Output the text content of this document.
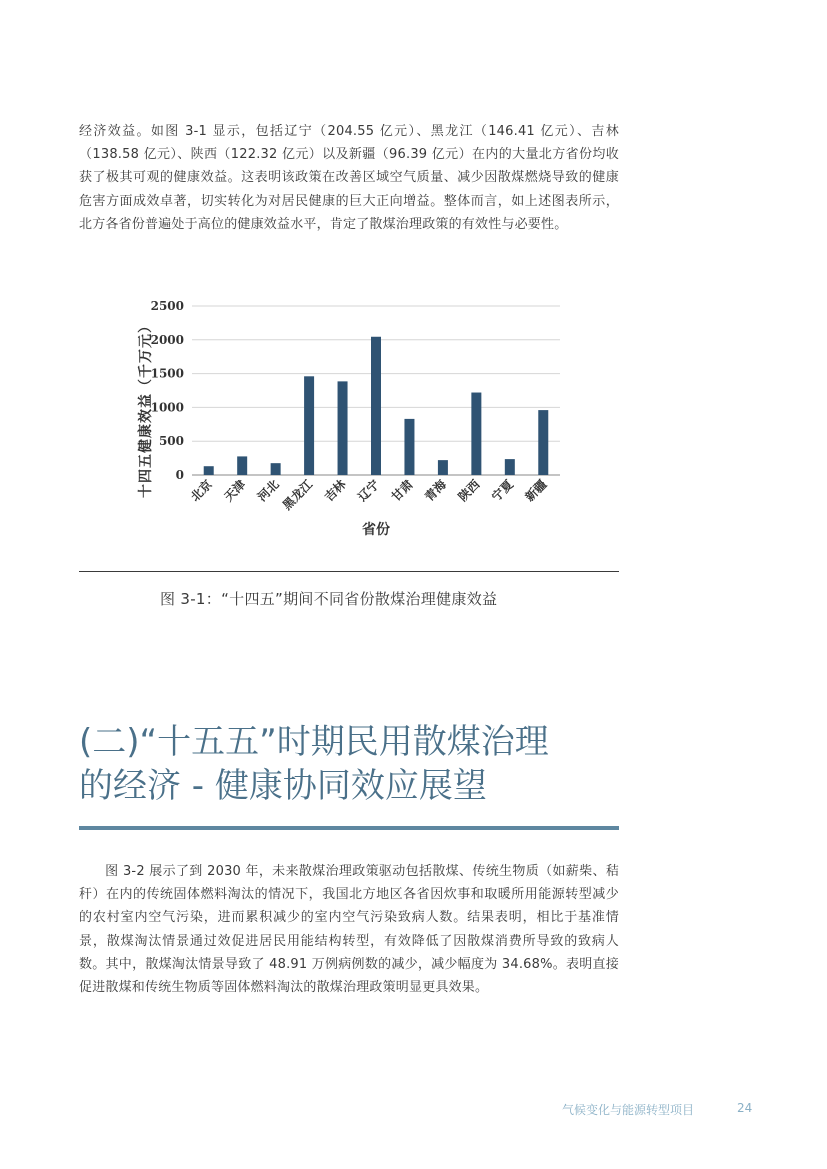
经济效益。如图 3-1 显示，包括辽宁（204.55 亿元）、黑龙江（146.41 亿元）、吉林（138.58 亿元）、陕西（122.32 亿元）以及新疆（96.39 亿元）在内的大量北方省份均收获了极其可观的健康效益。这表明该政策在改善区域空气质量、减少因散煤燃烧导致的健康危害方面成效卓著，切实转化为对居民健康的巨大正向增益。整体而言，如上述图表所示，北方各省份普遍处于高位的健康效益水平，肯定了散煤治理政策的有效性与必要性。
0
500
1000
1500
2000
2500
北京 天津 河北
黑龙江 吉林 辽宁 甘肃 青海 陕西 宁夏 新疆
十四五健康效益（千万元）
省份
图 3-1：“十四五”期间不同省份散煤治理健康效益
(二)“十五五”时期民用散煤治理
的经济 - 健康协同效应展望
图 3-2 展示了到 2030 年，未来散煤治理政策驱动包括散煤、传统生物质（如薪柴、秸秆）在内的传统固体燃料淘汰的情况下，我国北方地区各省因炊事和取暖所用能源转型减少的农村室内空气污染，进而累积减少的室内空气污染致病人数。结果表明，相比于基准情景，散煤淘汰情景通过效促进居民用能结构转型，有效降低了因散煤消费所导致的致病人数。其中，散煤淘汰情景导致了 48.91 万例病例数的减少，减少幅度为 34.68%。表明直接促进散煤和传统生物质等固体燃料淘汰的散煤治理政策明显更具效果。
气候变化与能源转型项目	24
